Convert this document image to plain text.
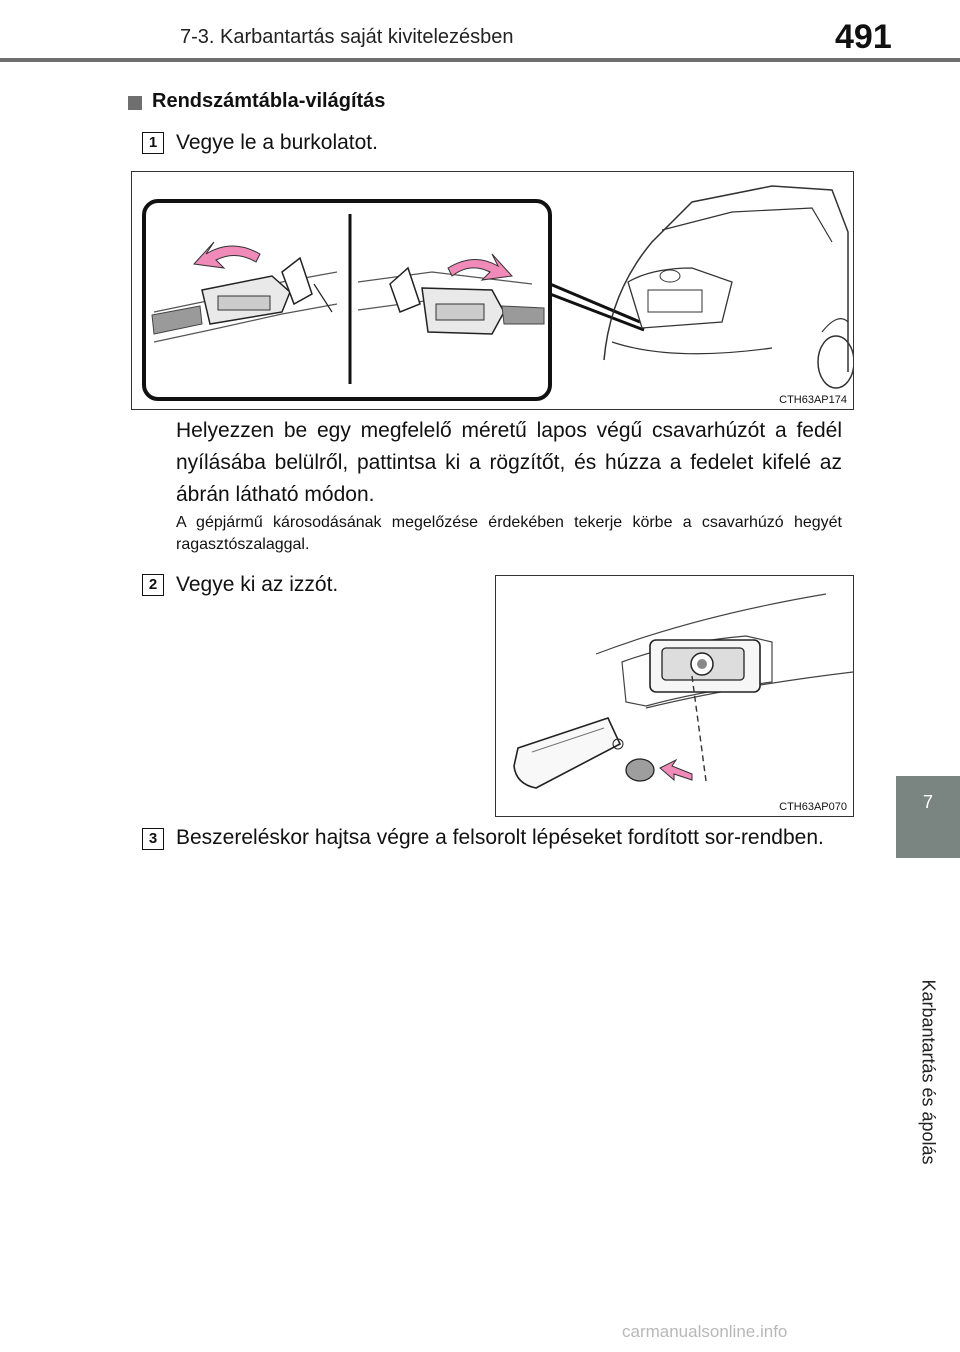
7-3. Karbantartás saját kivitelezésben	491
7
Karbantartás és ápolás
Rendszámtábla-világítás
1 Vegye le a burkolatot.
CTH63AP174
Helyezzen be egy megfelelő méretű lapos végű csavarhúzót a fedél nyílásába belülről, pattintsa ki a rögzítőt, és húzza a fedelet kifelé az ábrán látható módon.
A gépjármű károsodásának megelőzése érdekében tekerje körbe a csavarhúzó hegyét ragasztószalaggal.
2 Vegye ki az izzót.
CTH63AP070
3 Beszereléskor hajtsa végre a felsorolt lépéseket fordított sor-rendben.
carmanualsonline.info
